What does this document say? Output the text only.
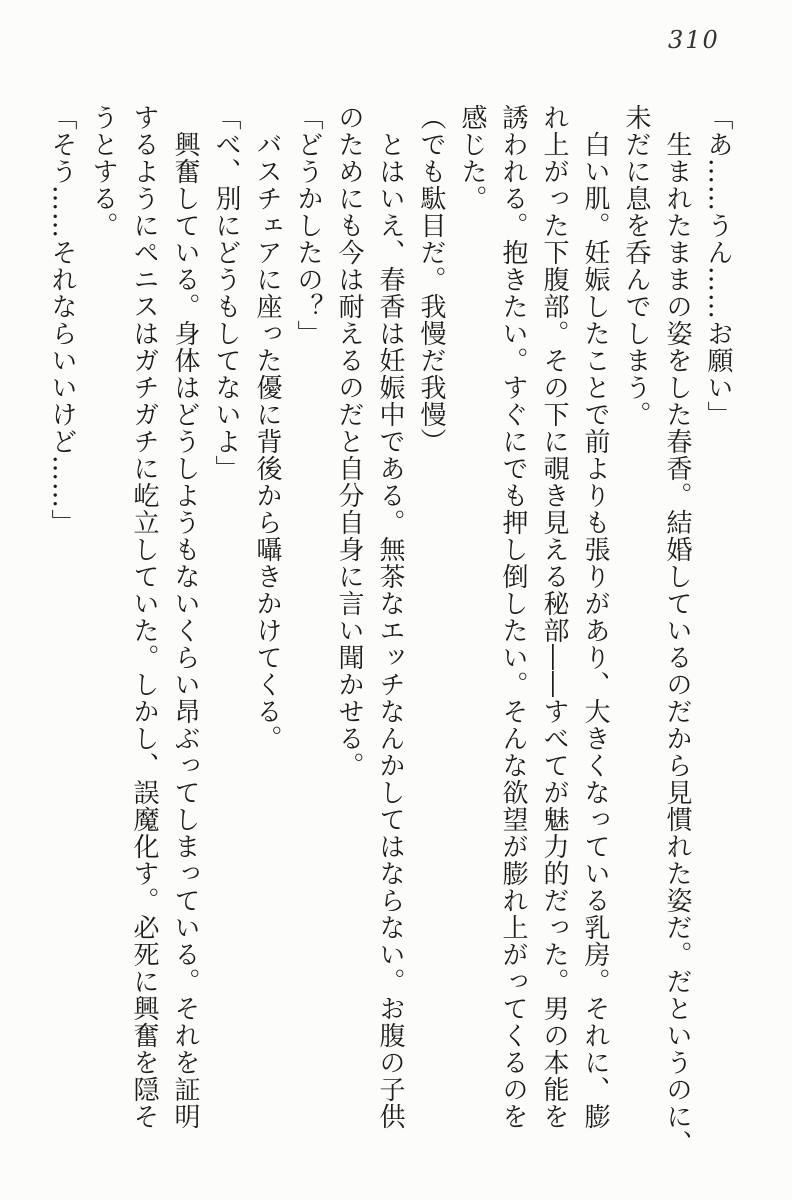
310

「あ……うん……お願い」

生まれたままの姿をした春香。結婚しているのだから見慣れた姿だ。だというのに、

未だに息を呑んでしまう。

白い肌。妊娠したことで前よりも張りがあり、大きくなっている乳房。それに、膨

れ上がった下腹部。その下に覗き見える秘部――すべてが魅力的だった。男の本能を

誘われる。抱きたい。すぐにでも押し倒したい。そんな欲望が膨れ上がってくるのを

感じた。

（でも駄目だ。我慢だ我慢）

とはいえ、春香は妊娠中である。無茶なエッチなんかしてはならない。お腹の子供

のためにも今は耐えるのだと自分自身に言い聞かせる。

「どうかしたの？」

バスチェアに座った優に背後から囁きかけてくる。

「べ、別にどうもしてないよ」

興奮している。身体はどうしようもないくらい昂ぶってしまっている。それを証明

するようにペニスはガチガチに屹立していた。しかし、誤魔化す。必死に興奮を隠そ

うとする。

「そう……それならいいけど……」
